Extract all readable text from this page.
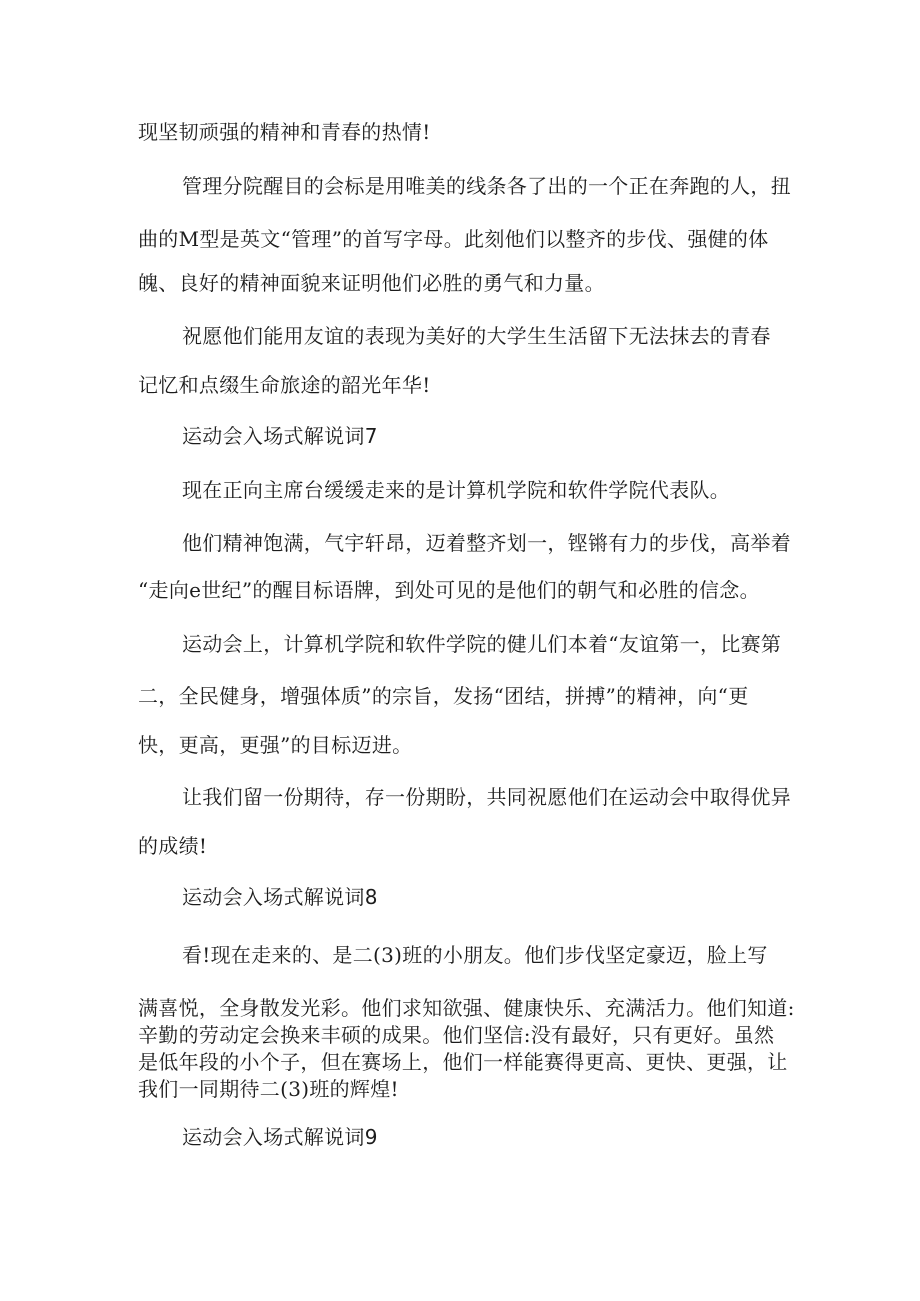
现坚韧顽强的精神和青春的热情!
管理分院醒目的会标是用唯美的线条各了出的一个正在奔跑的人，扭
曲的M型是英文“管理”的首写字母。此刻他们以整齐的步伐、强健的体
魄、良好的精神面貌来证明他们必胜的勇气和力量。
祝愿他们能用友谊的表现为美好的大学生生活留下无法抹去的青春
记忆和点缀生命旅途的韶光年华!
运动会入场式解说词7
现在正向主席台缓缓走来的是计算机学院和软件学院代表队。
他们精神饱满，气宇轩昂，迈着整齐划一，铿锵有力的步伐，高举着
“走向e世纪”的醒目标语牌，到处可见的是他们的朝气和必胜的信念。
运动会上，计算机学院和软件学院的健儿们本着“友谊第一，比赛第
二，全民健身，增强体质”的宗旨，发扬“团结，拼搏”的精神，向“更
快，更高，更强”的目标迈进。
让我们留一份期待，存一份期盼，共同祝愿他们在运动会中取得优异
的成绩!
运动会入场式解说词8
看!现在走来的、是二(3)班的小朋友。他们步伐坚定豪迈，脸上写
满喜悦，全身散发光彩。他们求知欲强、健康快乐、充满活力。他们知道:
辛勤的劳动定会换来丰硕的成果。他们坚信:没有最好，只有更好。虽然
是低年段的小个子，但在赛场上，他们一样能赛得更高、更快、更强，让
我们一同期待二(3)班的辉煌!
运动会入场式解说词9
